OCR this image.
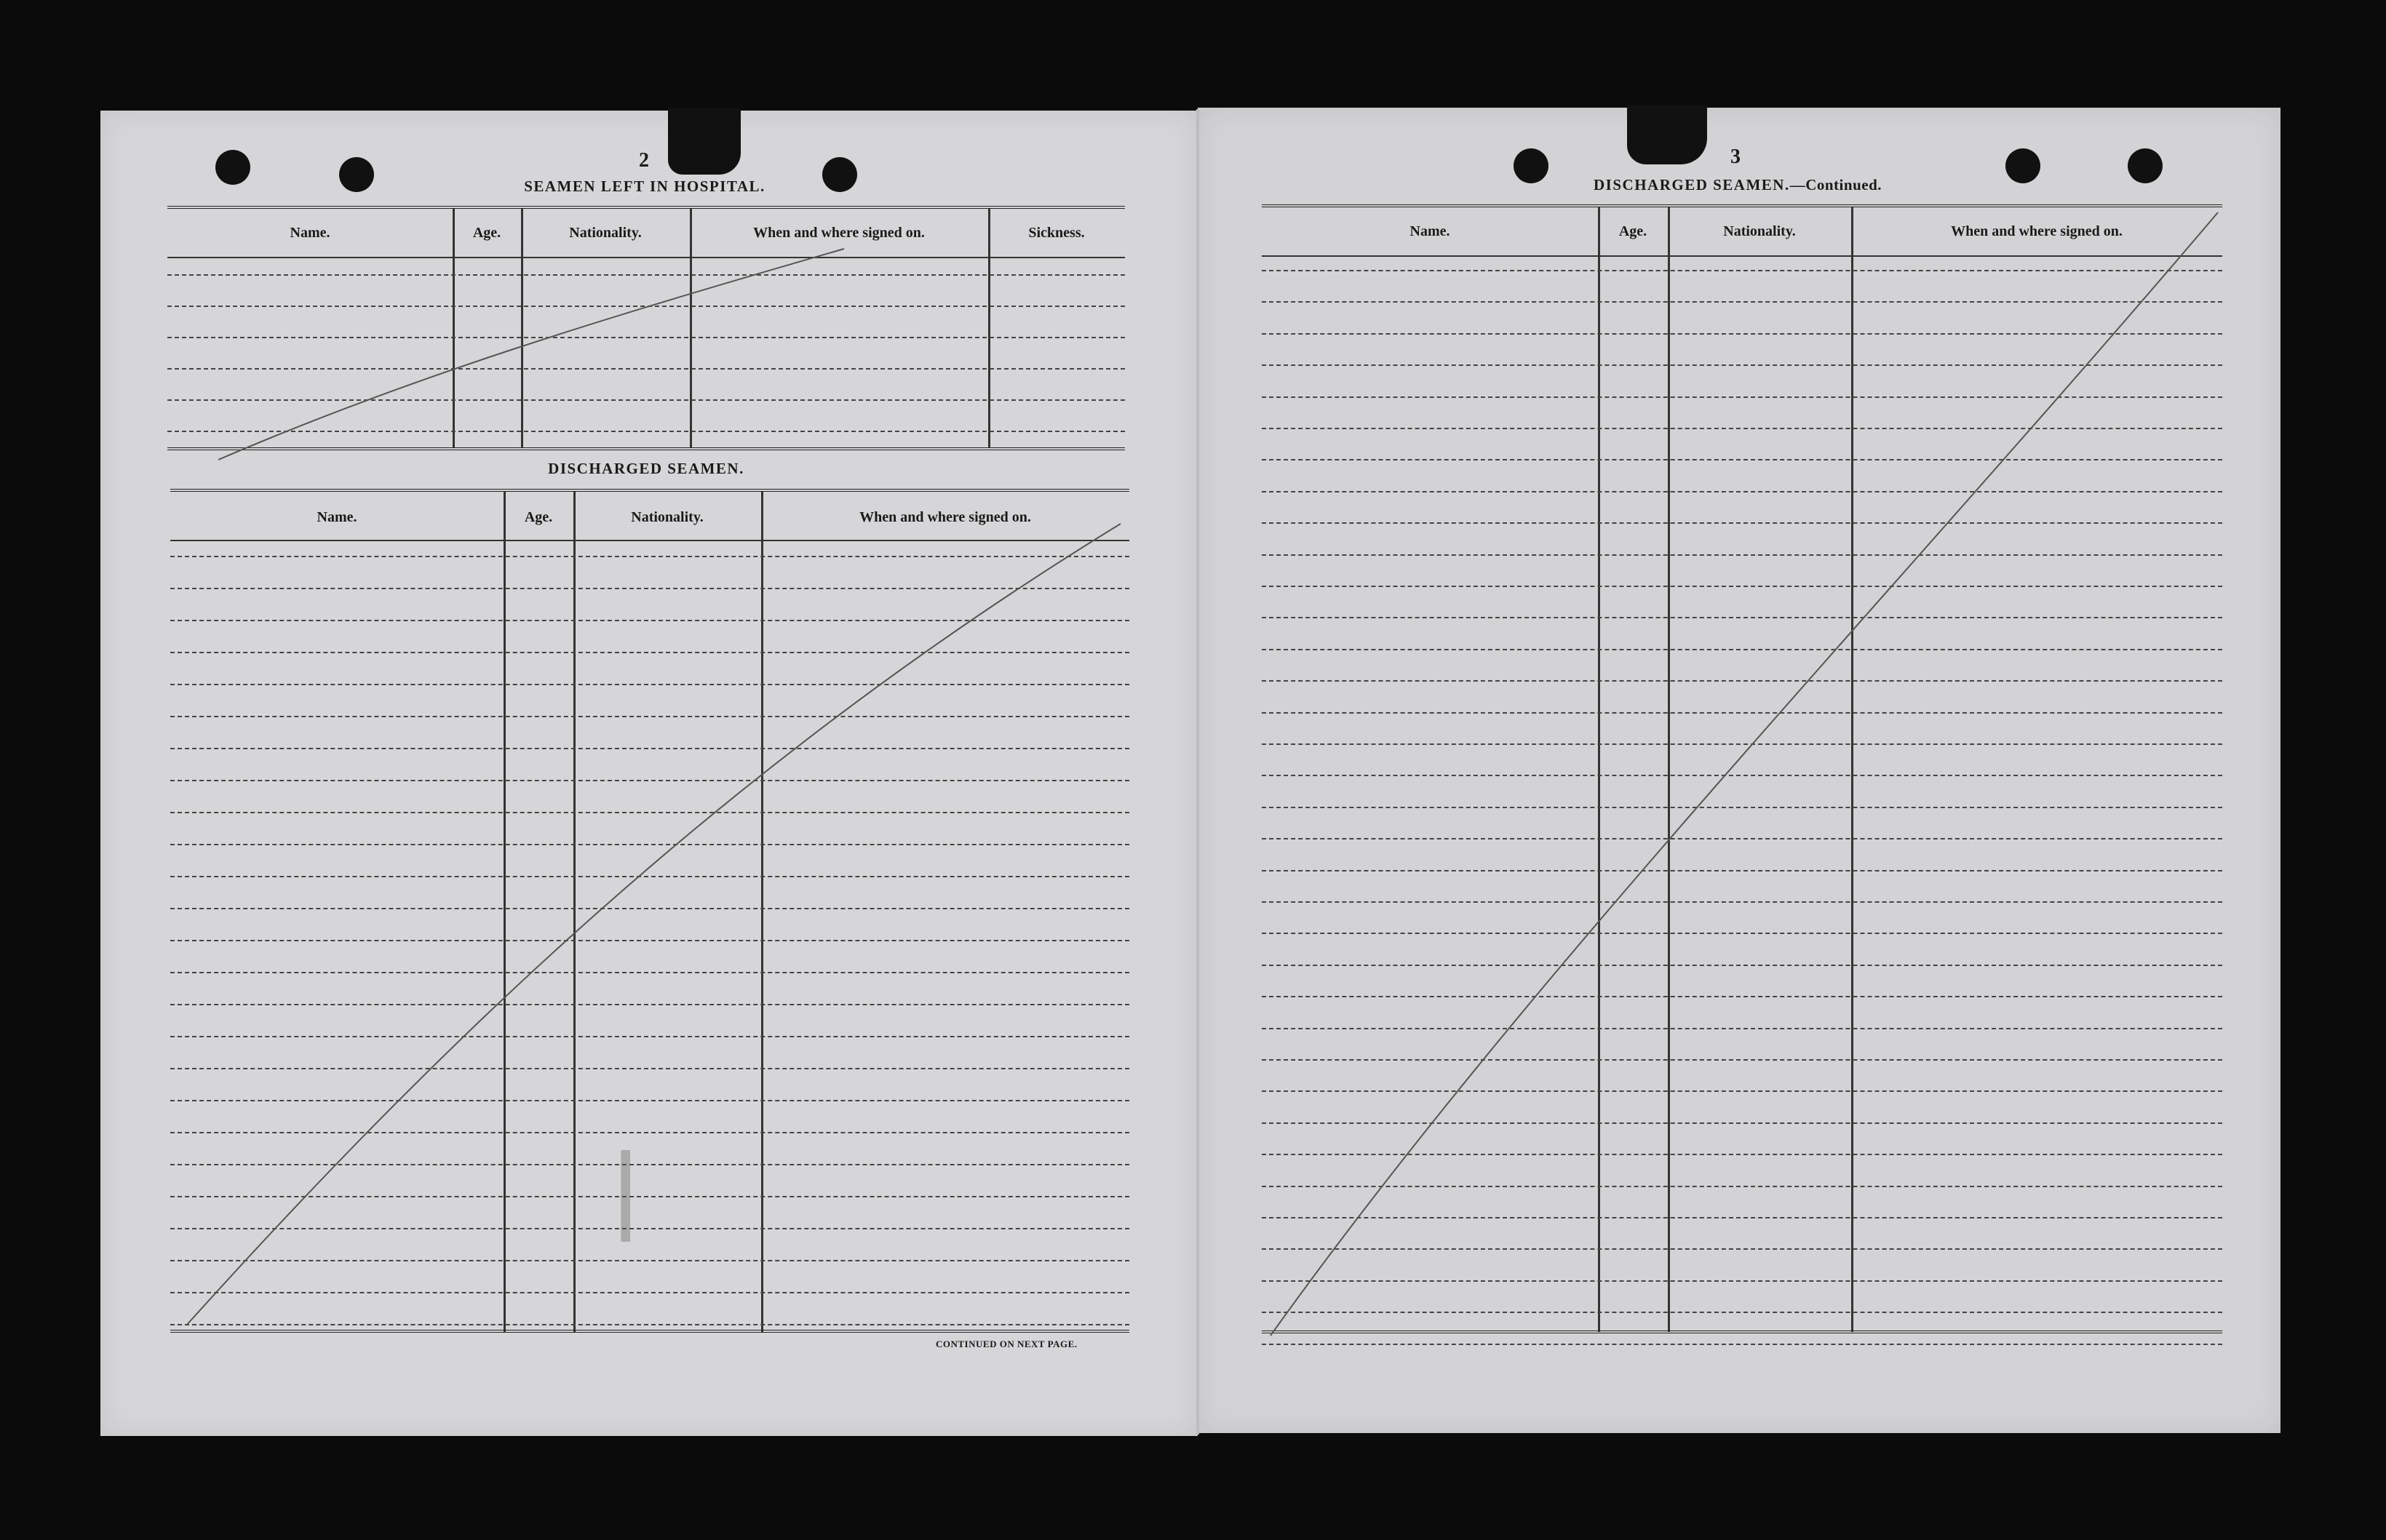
2
SEAMEN LEFT IN HOSPITAL.
Name.	Age.	Nationality.	When and where signed on.	Sickness.
DISCHARGED SEAMEN.
Name.	Age.	Nationality.	When and where signed on.
CONTINUED ON NEXT PAGE.
3
DISCHARGED SEAMEN.—Continued.
Name.	Age.	Nationality.	When and where signed on.
▬▬▬
